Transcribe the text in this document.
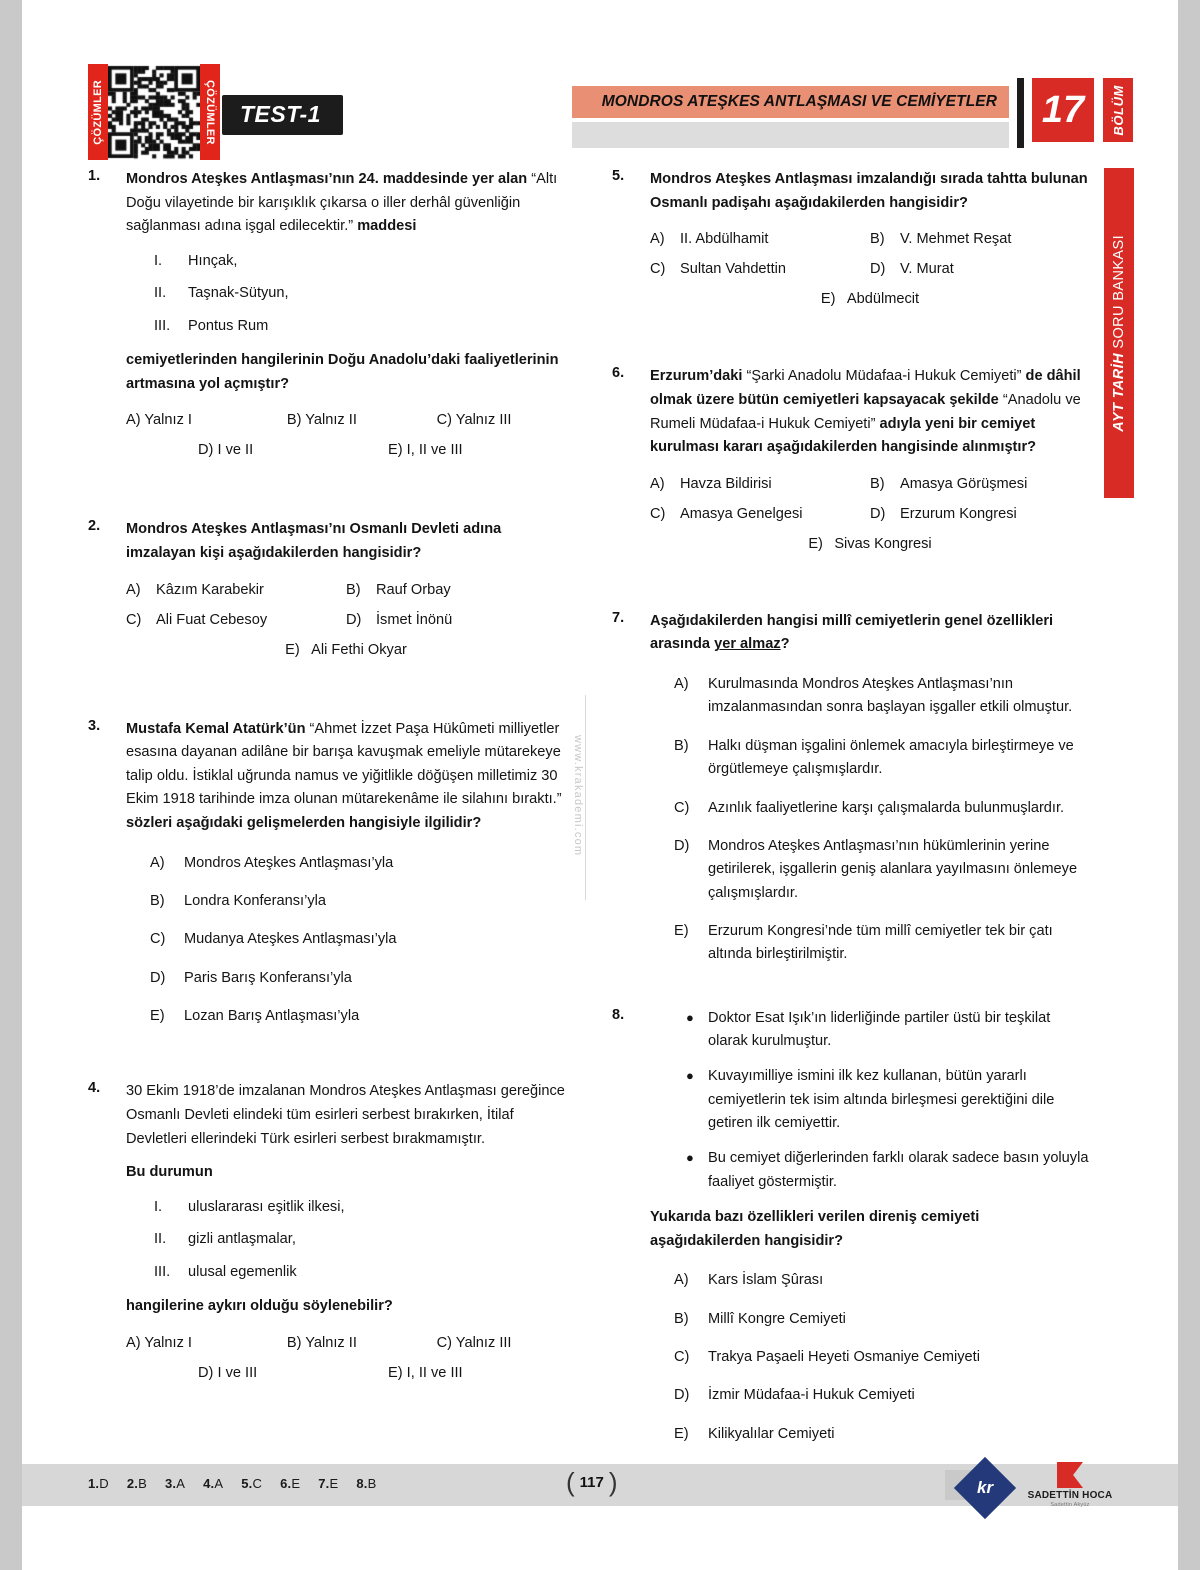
ÇÖZÜMLER	ÇÖZÜMLER	TEST-1	MONDROS ATEŞKES ANTLAŞMASI VE CEMİYETLER 17	BÖLÜM
AYT TARİH SORU BANKASI
www.krakademi.com
1. Mondros Ateşkes Antlaşması’nın 24. maddesinde yer alan “Altı Doğu vilayetinde bir karışıklık çıkarsa o iller derhâl güvenliğin sağlanması adına işgal edilecektir.” maddesi
I.	Hınçak,
II.	Taşnak-Sütyun,
III.	Pontus Rum
cemiyetlerinden hangilerinin Doğu Anadolu’daki faaliyetlerinin artmasına yol açmıştır?
A) Yalnız I	B) Yalnız II	C) Yalnız III
D) I ve II	E) I, II ve III
2. Mondros Ateşkes Antlaşması’nı Osmanlı Devleti adına imzalayan kişi aşağıdakilerden hangisidir?
A)	Kâzım Karabekir	B)	Rauf Orbay
C) Ali Fuat Cebesoy	D) İsmet İnönü
E) Ali Fethi Okyar
3. Mustafa Kemal Atatürk’ün “Ahmet İzzet Paşa Hükûmeti milliyetler esasına dayanan adilâne bir barışa kavuşmak emeliyle mütarekeye talip oldu. İstiklal uğrunda namus ve yiğitlikle döğüşen milletimiz 30 Ekim 1918 tarihinde imza olunan mütarekenâme ile silahını bıraktı.” sözleri aşağıdaki gelişmelerden hangisiyle ilgilidir?
A)	Mondros Ateşkes Antlaşması’yla
B)	Londra Konferansı’yla
C)	Mudanya Ateşkes Antlaşması’yla
D)	Paris Barış Konferansı’yla
E)	Lozan Barış Antlaşması’yla
4. 30 Ekim 1918’de imzalanan Mondros Ateşkes Antlaşması gereğince Osmanlı Devleti elindeki tüm esirleri serbest bırakırken, İtilaf Devletleri ellerindeki Türk esirleri serbest bırakmamıştır.
Bu durumun
I.	uluslararası eşitlik ilkesi,
II.	gizli antlaşmalar,
III.	ulusal egemenlik
hangilerine aykırı olduğu söylenebilir?
A) Yalnız I	B) Yalnız II	C) Yalnız III
D) I ve III	E) I, II ve III
5. Mondros Ateşkes Antlaşması imzalandığı sırada tahtta bulunan Osmanlı padişahı aşağıdakilerden hangisidir?
A)	II. Abdülhamit	B)	V. Mehmet Reşat
C) Sultan Vahdettin	D) V. Murat
E) Abdülmecit
6. Erzurum’daki “Şarki Anadolu Müdafaa-i Hukuk Cemiyeti” de dâhil olmak üzere bütün cemiyetleri kapsayacak şekilde “Anadolu ve Rumeli Müdafaa-i Hukuk Cemiyeti” adıyla yeni bir cemiyet kurulması kararı aşağıdakilerden hangisinde alınmıştır?
A)	Havza Bildirisi	B)	Amasya Görüşmesi
C) Amasya Genelgesi	D) Erzurum Kongresi
E) Sivas Kongresi
7. Aşağıdakilerden hangisi millî cemiyetlerin genel özellikleri arasında yer almaz?
A)	Kurulmasında Mondros Ateşkes Antlaşması’nın imzalanmasından sonra başlayan işgaller etkili olmuştur.
B)	Halkı düşman işgalini önlemek amacıyla birleştirmeye ve örgütlemeye çalışmışlardır.
C)	Azınlık faaliyetlerine karşı çalışmalarda bulunmuşlardır.
D)	Mondros Ateşkes Antlaşması’nın hükümlerinin yerine getirilerek, işgallerin geniş alanlara yayılmasını önlemeye çalışmışlardır.
E)	Erzurum Kongresi’nde tüm millî cemiyetler tek bir çatı altında birleştirilmiştir.
8.	● Doktor Esat Işık’ın liderliğinde partiler üstü bir teşkilat olarak kurulmuştur.
● Kuvayımilliye ismini ilk kez kullanan, bütün yararlı cemiyetlerin tek isim altında birleşmesi gerektiğini dile getiren ilk cemiyettir.
● Bu cemiyet diğerlerinden farklı olarak sadece basın yoluyla faaliyet göstermiştir.
Yukarıda bazı özellikleri verilen direniş cemiyeti aşağıdakilerden hangisidir?
A)	Kars İslam Şûrası
B)	Millî Kongre Cemiyeti
C)	Trakya Paşaeli Heyeti Osmaniye Cemiyeti
D)	İzmir Müdafaa-i Hukuk Cemiyeti
E)	Kilikyalılar Cemiyeti
1.D 2.B 3.A 4.A 5.C 6.E 7.E 8.B	( 117 )	kr	SADETTİN HOCA
Sadettin Akyüz
